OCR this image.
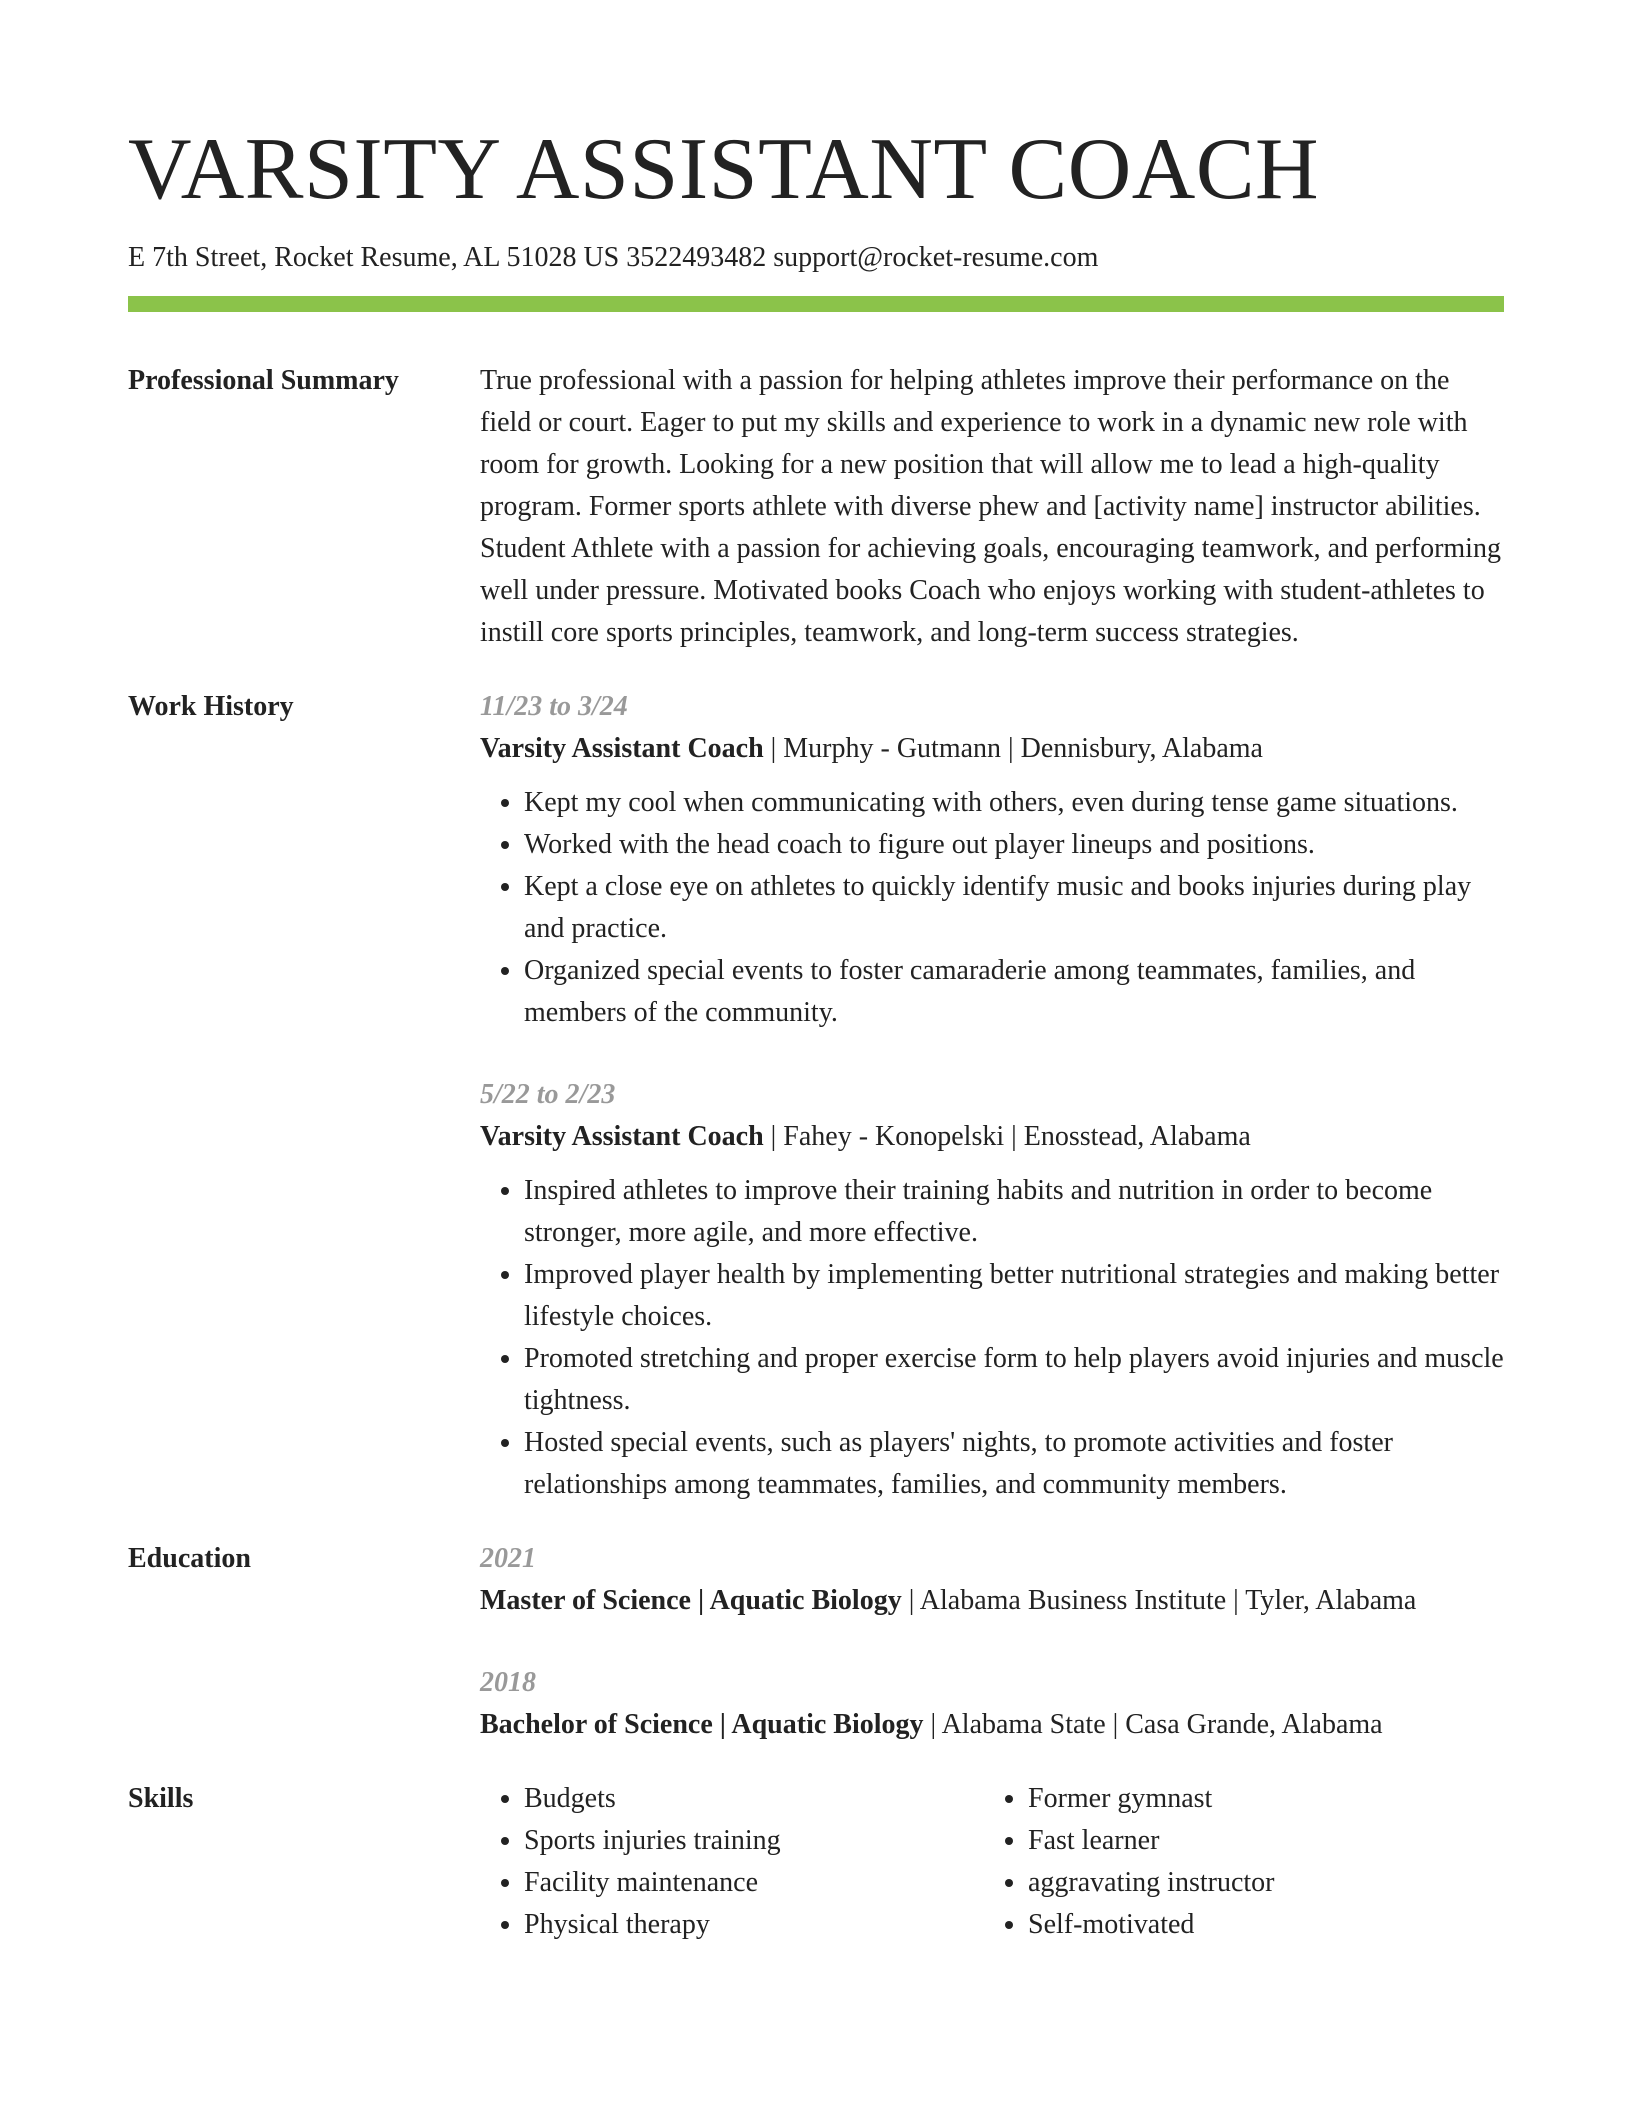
VARSITY ASSISTANT COACH
E 7th Street, Rocket Resume, AL 51028 US 3522493482 support@rocket-resume.com
Professional Summary	True professional with a passion for helping athletes improve their performance on the field or court. Eager to put my skills and experience to work in a dynamic new role with room for growth. Looking for a new position that will allow me to lead a high-quality program. Former sports athlete with diverse phew and [activity name] instructor abilities. Student Athlete with a passion for achieving goals, encouraging teamwork, and performing well under pressure. Motivated books Coach who enjoys working with student-athletes to instill core sports principles, teamwork, and long-term success strategies.

Work History	11/23 to 3/24
Varsity Assistant Coach | Murphy - Gutmann | Dennisbury, Alabama
• Kept my cool when communicating with others, even during tense game situations.
• Worked with the head coach to figure out player lineups and positions.
• Kept a close eye on athletes to quickly identify music and books injuries during play and practice.
• Organized special events to foster camaraderie among teammates, families, and members of the community.
5/22 to 2/23
Varsity Assistant Coach | Fahey - Konopelski | Enosstead, Alabama
• Inspired athletes to improve their training habits and nutrition in order to become stronger, more agile, and more effective.
• Improved player health by implementing better nutritional strategies and making better lifestyle choices.
• Promoted stretching and proper exercise form to help players avoid injuries and muscle tightness.
• Hosted special events, such as players' nights, to promote activities and foster relationships among teammates, families, and community members.
Education	2021
Master of Science | Aquatic Biology | Alabama Business Institute | Tyler, Alabama
2018
Bachelor of Science | Aquatic Biology | Alabama State | Casa Grande, Alabama
Skills
•	Budgets
• Sports injuries training
• Facility maintenance
• Physical therapy
• Former gymnast
• Fast learner
• aggravating instructor
• Self-motivated
